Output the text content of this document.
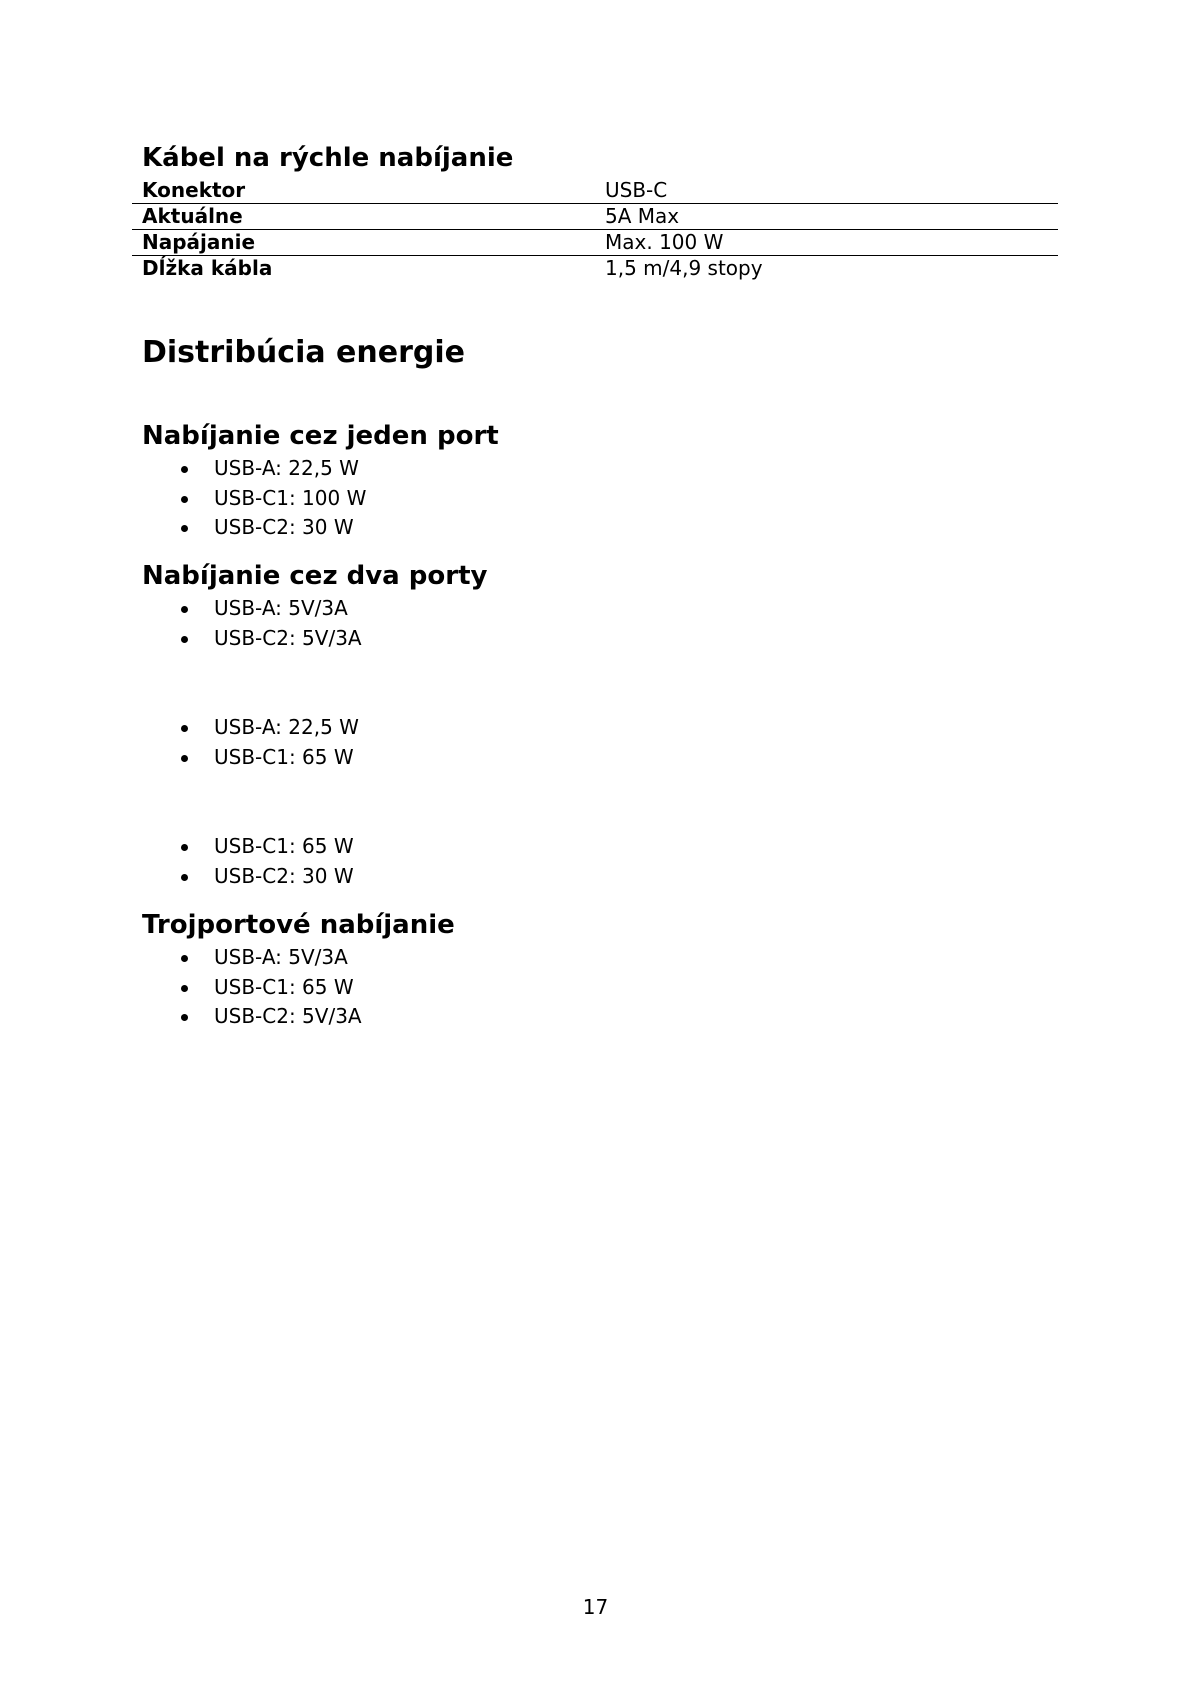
Kábel na rýchle nabíjanie
Konektor	USB-C
Aktuálne	5A Max
Napájanie	Max. 100 W
Dĺžka kábla	1,5 m/4,9 stopy
Distribúcia energie
Nabíjanie cez jeden port
USB-A: 22,5 W
USB-C1: 100 W
USB-C2: 30 W
Nabíjanie cez dva porty
USB-A: 5V/3A
USB-C2: 5V/3A
USB-A: 22,5 W
USB-C1: 65 W
USB-C1: 65 W
USB-C2: 30 W
Trojportové nabíjanie
USB-A: 5V/3A
USB-C1: 65 W
USB-C2: 5V/3A
17
